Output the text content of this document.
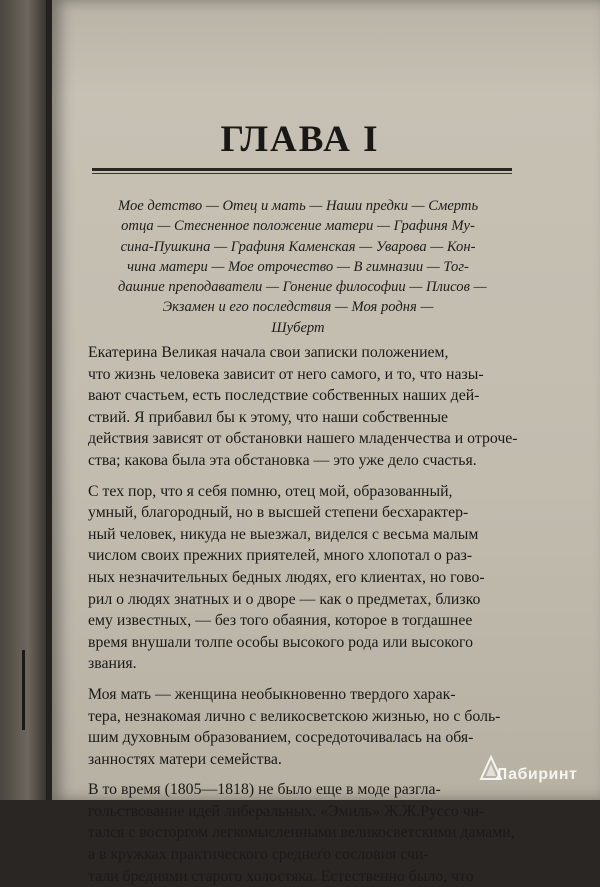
ГЛАВА I
Мое детство — Отец и мать — Наши предки — Смерть
отца — Стесненное положение матери — Графиня Му-
сина-Пушкина — Графиня Каменская — Уварова — Кон-
чина матери — Мое отрочество — В гимназии — Тог-
дашние преподаватели — Гонение философии — Плисов —
Экзамен и его последствия — Моя родня —
Шуберт
Екатерина Великая начала свои записки положением,
что жизнь человека зависит от него самого, и то, что назы-
вают счастьем, есть последствие собственных наших дей-
ствий. Я прибавил бы к этому, что наши собственные
действия зависят от обстановки нашего младенчества и отроче-
ства; какова была эта обстановка — это уже дело счастья.
С тех пор, что я себя помню, отец мой, образованный,
умный, благородный, но в высшей степени бесхарактер-
ный человек, никуда не выезжал, виделся с весьма малым
числом своих прежних приятелей, много хлопотал о раз-
ных незначительных бедных людях, его клиентах, но гово-
рил о людях знатных и о дворе — как о предметах, близко
ему известных, — без того обаяния, которое в тогдашнее
время внушали толпе особы высокого рода или высокого
звания.
Моя мать — женщина необыкновенно твердого харак-
тера, незнакомая лично с великосветскою жизнью, но с боль-
шим духовным образованием, сосредоточивалась на обя-
занностях матери семейства.
В то время (1805—1818) не было еще в моде разгла-
гольствование идей либеральных. «Эмиль» Ж.Ж.Руссо чи-
тался с восторгом легкомысленными великосветскими дамами,
а в кружках практического среднего сословия счи-
тали бреднями старого холостяка. Естественно было, что
Лабиринт
